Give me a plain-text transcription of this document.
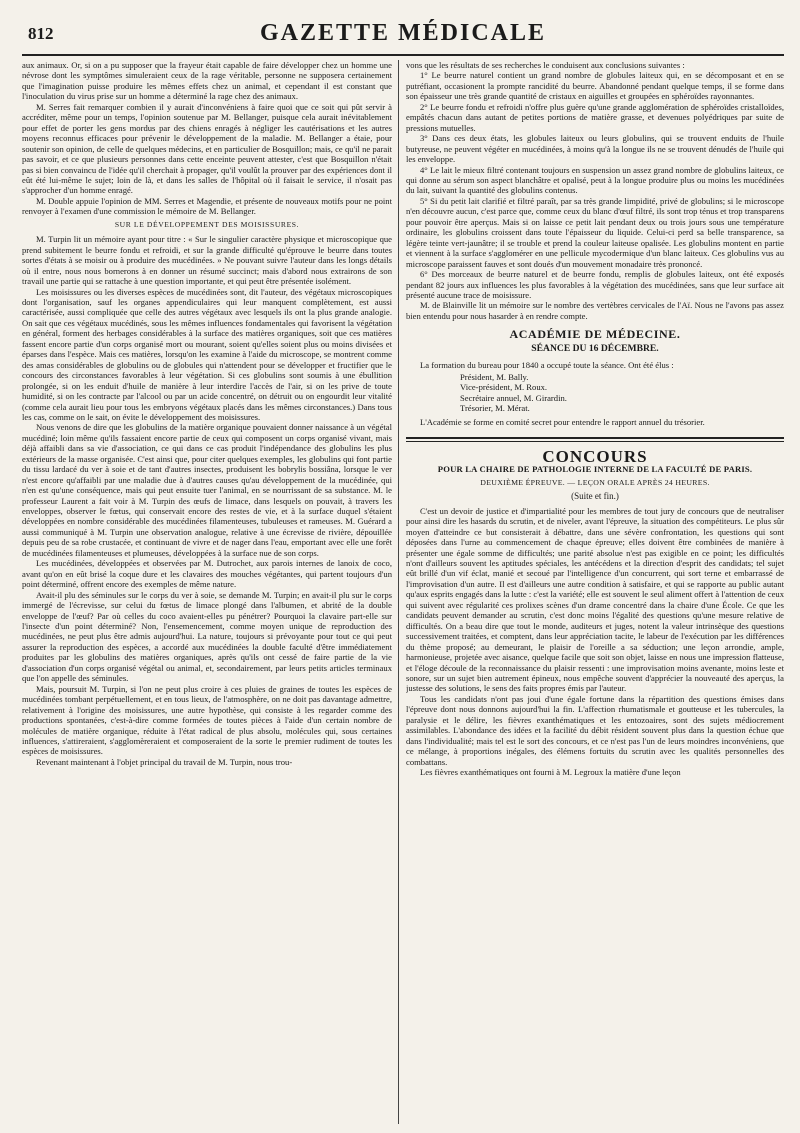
812	GAZETTE MÉDICALE

aux animaux. Or, si on a pu supposer que la frayeur était capable de faire développer chez un homme une névrose dont les symptômes simuleraient ceux de la rage véritable, personne ne supposera certainement que l'imagination puisse produire les mêmes effets chez un animal, et cependant il est constant que l'inoculation du virus prise sur un homme a déterminé la rage chez des animaux.

M. Serres fait remarquer combien il y aurait d'inconvéniens à faire quoi que ce soit qui pût servir à accréditer, même pour un temps, l'opinion soutenue par M. Bellanger, puisque cela aurait inévitablement pour effet de porter les gens mordus par des chiens enragés à négliger les cautérisations et les autres moyens reconnus efficaces pour prévenir le développement de la maladie. M. Bellanger a étaie, pour soutenir son opinion, de celle de quelques médecins, et en particulier de Bosquillon; mais, ce qu'il ne parait pas savoir, et ce que plusieurs personnes dans cette enceinte peuvent attester, c'est que Bosquillon n'était pas si bien convaincu de l'idée qu'il cherchait à propager, qu'il voulût la prouver par des expériences dont il eût été lui-même le sujet; loin de là, et dans les salles de l'hôpital où il faisait le service, il n'osait pas s'approcher d'un homme enragé.

M. Double appuie l'opinion de MM. Serres et Magendie, et présente de nouveaux motifs pour ne point renvoyer à l'examen d'une commission le mémoire de M. Bellanger.

SUR LE DÉVELOPPEMENT DES MOISISSURES.

M. Turpin lit un mémoire ayant pour titre : « Sur le singulier caractère physique et microscopique que prend subitement le beurre fondu et refroidi, et sur la grande difficulté qu'éprouve le beurre dans toutes sortes d'états à se moisir ou à produire des mucédinées. » Ne pouvant suivre l'auteur dans les longs détails où il entre, nous nous bornerons à en donner un résumé succinct; mais d'abord nous extrairons de son travail une partie qui se rattache à une question importante, et qui peut être présentée isolément.

Les moisissures ou les diverses espèces de mucédinées sont, dit l'auteur, des végétaux microscopiques dont l'organisation, sauf les organes appendiculaires qui leur manquent complètement, est aussi caractérisée, aussi compliquée que celle des autres végétaux avec lesquels ils ont la plus grande analogie. On sait que ces végétaux mucédinés, sous les mêmes influences fondamentales qui favorisent la végétation en général, forment des herbages considérables à la surface des matières organiques, soit que ces matières fassent encore partie d'un corps organisé mort ou mourant, soient qu'elles soient plus ou moins divisées et éparses dans l'espèce. Mais ces matières, lorsqu'on les examine à l'aide du microscope, se montrent comme des amas considérables de globulins ou de globules qui n'attendent pour se développer et fructifier que le concours des circonstances favorables à leur végétation. Si ces globulins sont soumis à une ébullition prolongée, si on les enduit d'huile de manière à leur interdire l'accès de l'air, si on les prive de toute humidité, si on les contracte par l'alcool ou par un acide concentré, on détruit ou on engourdit leur vitalité (comme cela aurait lieu pour tous les embryons végétaux placés dans les mêmes circonstances.) Dans tous les cas, comme on le sait, on évite le développement des moisissures.

Nous venons de dire que les globulins de la matière organique pouvaient donner naissance à un végétal mucédiné; loin même qu'ils fassaient encore partie de ceux qui composent un corps organisé vivant, mais déjà affaibli dans sa vie d'association, ce qui dans ce cas produit l'indépendance des globulins les plus extérieurs de la masse organisée. C'est ainsi que, pour citer quelques exemples, les globulins qui font partie du tissu lardacé du ver à soie et de tant d'autres insectes, produisent les bobrylis bossiâna, lorsque le ver n'est encore qu'affaibli par une maladie due à d'autres causes qu'au développement de la mucédinée, qui n'en est qu'une conséquence, mais qui peut ensuite tuer l'animal, en se nourrissant de sa substance. M. le professeur Laurent a fait voir à M. Turpin des œufs de limace, dans lesquels on pouvait, à travers les enveloppes, observer le fœtus, qui conservait encore des restes de vie, et à la surface duquel s'étaient développées en nombre considérable des mucédinées filamenteuses, tubuleuses et rameuses. M. Guérard a aussi communiqué à M. Turpin une observation analogue, relative à une écrevisse de rivière, dépouillée depuis peu de sa robe crustacée, et continuant de vivre et de nager dans l'eau, emportant avec elle une forêt de mucédinées filamenteuses et plumeuses, développées à la surface nue de son corps.

Les mucédinées, développées et observées par M. Dutrochet, aux parois internes de lanoix de coco, avant qu'on en eût brisé la coque dure et les clavaires des mouches végétantes, qui partent toujours d'un point déterminé, offrent encore des exemples de même nature.

Avait-il plu des séminules sur le corps du ver à soie, se demande M. Turpin; en avait-il plu sur le corps immergé de l'écrevisse, sur celui du fœtus de limace plongé dans l'albumen, et abrité de la double enveloppe de l'œuf? Par où celles du coco avaient-elles pu pénétrer? Pourquoi la clavaire part-elle sur l'insecte d'un point déterminé? Non, l'ensemencement, comme moyen unique de reproduction des mucédinées, ne peut plus être admis aujourd'hui. La nature, toujours si prévoyante pour tout ce qui peut assurer la reproduction des espèces, a accordé aux mucédinées la double faculté d'être immédiatement produites par les globulins des matières organiques, après qu'ils ont cessé de faire partie de la vie d'association d'un corps organisé végétal ou animal, et, secondairement, par leurs petits articles terminaux que l'on appelle des séminules.

Mais, poursuit M. Turpin, si l'on ne peut plus croire à ces pluies de graines de toutes les espèces de mucédinées tombant perpétuellement, et en tous lieux, de l'atmosphère, on ne doit pas davantage admettre, relativement à l'origine des moisissures, une autre hypothèse, qui consiste à les regarder comme des productions spontanées, c'est-à-dire comme formées de toutes pièces à l'aide d'un certain nombre de molécules de matière organique, réduite à l'état radical de plus absolu, molécules qui, sous certaines influences, s'attireraient, s'agglomèreraient et composeraient de la sorte le premier rudiment de toutes les espèces de moisissures.

Revenant maintenant à l'objet principal du travail de M. Turpin, nous trou-

vons que les résultats de ses recherches le conduisent aux conclusions suivantes :

1° Le beurre naturel contient un grand nombre de globules laiteux qui, en se décomposant et en se putréfiant, occasionent la prompte rancidité du beurre. Abandonné pendant quelque temps, il se forme dans son épaisseur une très grande quantité de cristaux en aiguilles et groupées en sphéroïdes rayonnantes.

2° Le beurre fondu et refroidi n'offre plus guère qu'une grande agglomération de sphéroïdes cristalloïdes, empâtés chacun dans autant de petites portions de matière grasse, et devenues polyédriques par suite de pressions mutuelles.

3° Dans ces deux états, les globules laiteux ou leurs globulins, qui se trouvent enduits de l'huile butyreuse, ne peuvent végéter en mucédinées, à moins qu'à la longue ils ne se trouvent dénudés de l'huile qui les enveloppe.

4° Le lait le mieux filtré contenant toujours en suspension un assez grand nombre de globulins laiteux, ce qui donne au sérum son aspect blanchâtre et opalisé, peut à la longue produire plus ou moins les mucédinées du lait, suivant la quantité des globulins contenus.

5° Si du petit lait clarifié et filtré paraît, par sa très grande limpidité, privé de globulins; si le microscope n'en découvre aucun, c'est parce que, comme ceux du blanc d'œuf filtré, ils sont trop ténus et trop transparens pour pouvoir être aperçus. Mais si on laisse ce petit lait pendant deux ou trois jours sous une température ordinaire, les globulins croissent dans toute l'épaisseur du liquide. Celui-ci perd sa belle transparence, sa légère teinte vert-jaunâtre; il se trouble et prend la couleur laiteuse opalisée. Les globulins montent en partie et viennent à la surface s'agglomérer en une pellicule mycodermique d'un blanc laiteux. Ces globulins vus au microscope paraissent fauves et sont doués d'un mouvement monadaire très prononcé.

6° Des morceaux de beurre naturel et de beurre fondu, remplis de globules laiteux, ont été exposés pendant 82 jours aux influences les plus favorables à la végétation des mucédinées, sans que leur surface ait présenté aucune trace de moisissure.

M. de Blainville lit un mémoire sur le nombre des vertèbres cervicales de l'Aï. Nous ne l'avons pas assez bien entendu pour nous hasarder à en rendre compte.

ACADÉMIE DE MÉDECINE.
SÉANCE DU 16 DÉCEMBRE.

La formation du bureau pour 1840 a occupé toute la séance. Ont été élus :

Président, M. Bally.
Vice-président, M. Roux.
Secrétaire annuel, M. Girardin.
Trésorier, M. Mérat.

L'Académie se forme en comité secret pour entendre le rapport annuel du trésorier.

CONCOURS
POUR LA CHAIRE DE PATHOLOGIE INTERNE DE LA FACULTÉ DE PARIS.
DEUXIÈME ÉPREUVE. — LEÇON ORALE APRÈS 24 HEURES.
(Suite et fin.)

C'est un devoir de justice et d'impartialité pour les membres de tout jury de concours que de neutraliser pour ainsi dire les hasards du scrutin, et de niveler, avant l'épreuve, la situation des compétiteurs. Le plus sûr moyen d'atteindre ce but consisterait à débattre, dans une sévère confrontation, les questions qui sont déposées dans l'urne au commencement de chaque épreuve; elles doivent être combinées de manière à présenter une égale somme de difficultés; une parité absolue n'est pas exigible en ce point; les difficultés n'ont d'ailleurs souvent les aptitudes spéciales, les antécédens et la direction d'esprit des candidats; tel sujet eût brillé d'un vif éclat, manié et secoué par l'intelligence d'un concurrent, qui sort terne et embarrassé de l'improvisation d'un autre. Il est d'ailleurs une autre condition à satisfaire, et qui se rapporte au public autant qu'aux esprits engagés dans la lutte : c'est la variété; elle est souvent le seul aliment offert à l'attention de ceux qui suivent avec régularité ces prolixes scènes d'un drame concentré dans la chaire d'une École. Ce que les candidats peuvent demander au scrutin, c'est donc moins l'égalité des questions qu'une mesure relative de difficultés. On a beau dire que tout le monde, auditeurs et juges, notent la valeur intrinsèque des questions successivement traitées, et comptent, dans leur appréciation tacite, le labeur de l'exécution par les différences du thème proposé; au demeurant, le plaisir de l'oreille a sa séduction; une leçon arrondie, ample, harmonieuse, projetée avec aisance, quelque facile que soit son objet, laisse en nous une impression flatteuse, et l'éloge découle de la reconnaissance du plaisir ressenti : une improvisation moins avenante, moins leste et sonore, sur un sujet bien autrement épineux, nous empêche souvent d'apprécier la nouveauté des aperçus, la justesse des solutions, le sens des faits propres émis par l'auteur.

Tous les candidats n'ont pas joui d'une égale fortune dans la répartition des questions émises dans l'épreuve dont nous donnons aujourd'hui la fin. L'affection rhumatismale et goutteuse et les tubercules, la paralysie et le délire, les fièvres exanthématiques et les entozoaires, sont des sujets médiocrement assimilables. L'abondance des idées et la facilité du débit résident souvent plus dans la question échue que dans l'individualité; mais tel est le sort des concours, et ce n'est pas l'un de leurs moindres inconvéniens, que ce mélange, à proportions inégales, des élémens fortuits du scrutin avec les qualités personnelles des combattans.

Les fièvres exanthématiques ont fourni à M. Legroux la matière d'une leçon
